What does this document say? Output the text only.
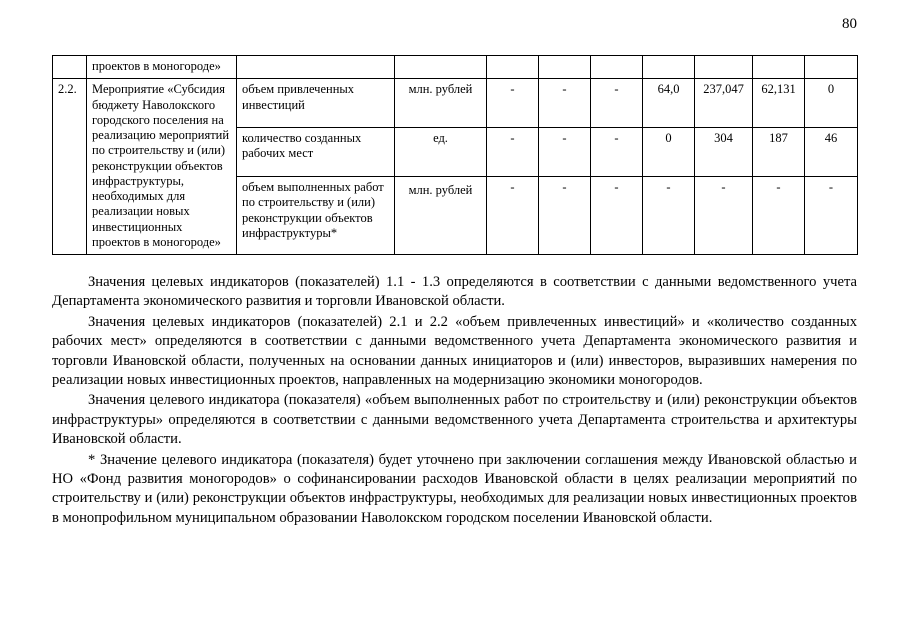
80
	проектов в моногороде»									
2.2.	Мероприятие «Субсидия бюджету Наволокского городского поселения на реализацию мероприятий по строительству и (или) реконструкции объектов инфраструктуры, необходимых для реализации новых инвестиционных проектов в моногороде»	объем привлеченных инвестиций	млн. рублей	-	-	-	64,0	237,047	62,131	0
		количество созданных рабочих мест	ед.	-	-	-	0	304	187	46
		объем выполненных работ по строительству и (или) реконструкции объектов инфраструктуры*	млн. рублей	-	-	-	-	-	-	-

Значения целевых индикаторов (показателей) 1.1 - 1.3 определяются в соответствии с данными ведомственного учета Департамента экономического развития и торговли Ивановской области.

Значения целевых индикаторов (показателей) 2.1 и 2.2 «объем привлеченных инвестиций» и «количество созданных рабочих мест» определяются в соответствии с данными ведомственного учета Департамента экономического развития и торговли Ивановской области, полученных на основании данных инициаторов и (или) инвесторов, выразивших намерения по реализации новых инвестиционных проектов, направленных на модернизацию экономики моногородов.

Значения целевого индикатора (показателя) «объем выполненных работ по строительству и (или) реконструкции объектов инфраструктуры» определяются в соответствии с данными ведомственного учета Департамента строительства и архитектуры Ивановской области.

* Значение целевого индикатора (показателя) будет уточнено при заключении соглашения между Ивановской областью и НО «Фонд развития моногородов» о софинансировании расходов Ивановской области в целях реализации мероприятий по строительству и (или) реконструкции объектов инфраструктуры, необходимых для реализации новых инвестиционных проектов в монопрофильном муниципальном образовании Наволокском городском поселении Ивановской области.
